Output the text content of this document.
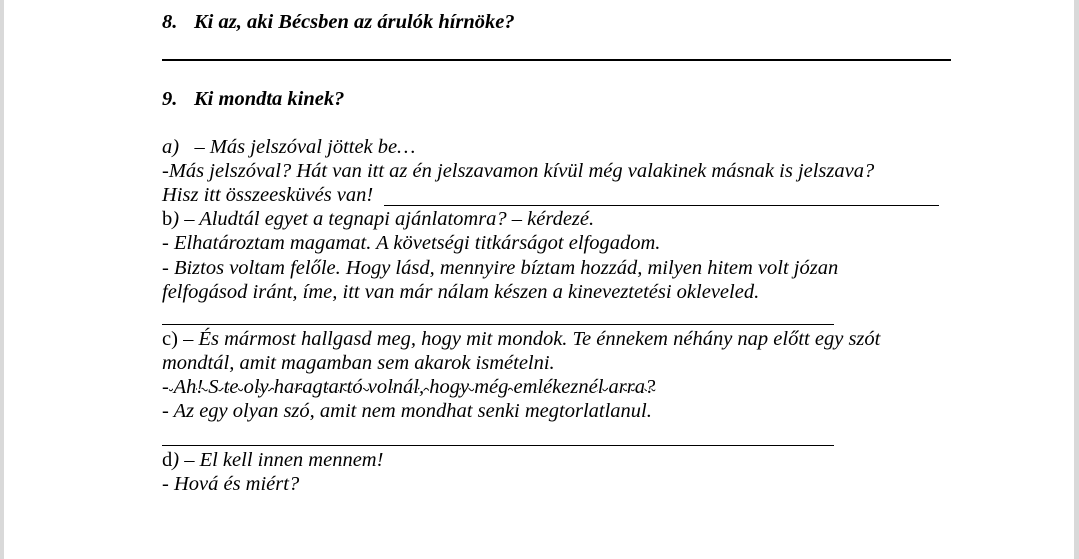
8. Ki az, aki Bécsben az árulók hírnöke?
9. Ki mondta kinek?
a) – Más jelszóval jöttek be…
-Más jelszóval? Hát van itt az én jelszavamon kívül még valakinek másnak is jelszava?
Hisz itt összeesküvés van!
b) – Aludtál egyet a tegnapi ajánlatomra? – kérdezé.
- Elhatároztam magamat. A követségi titkárságot elfogadom.
- Biztos voltam felőle. Hogy lásd, mennyire bíztam hozzád, milyen hitem volt józan
felfogásod iránt, íme, itt van már nálam készen a kineveztetési okleveled.
c) – És mármost hallgasd meg, hogy mit mondok. Te énnekem néhány nap előtt egy szót
mondtál, amit magamban sem akarok ismételni.
- Ah! S te oly haragtartó volnál, hogy még emlékeznél arra?
- Az egy olyan szó, amit nem mondhat senki megtorlatlanul.
d) – El kell innen mennem!
- Hová és miért?
